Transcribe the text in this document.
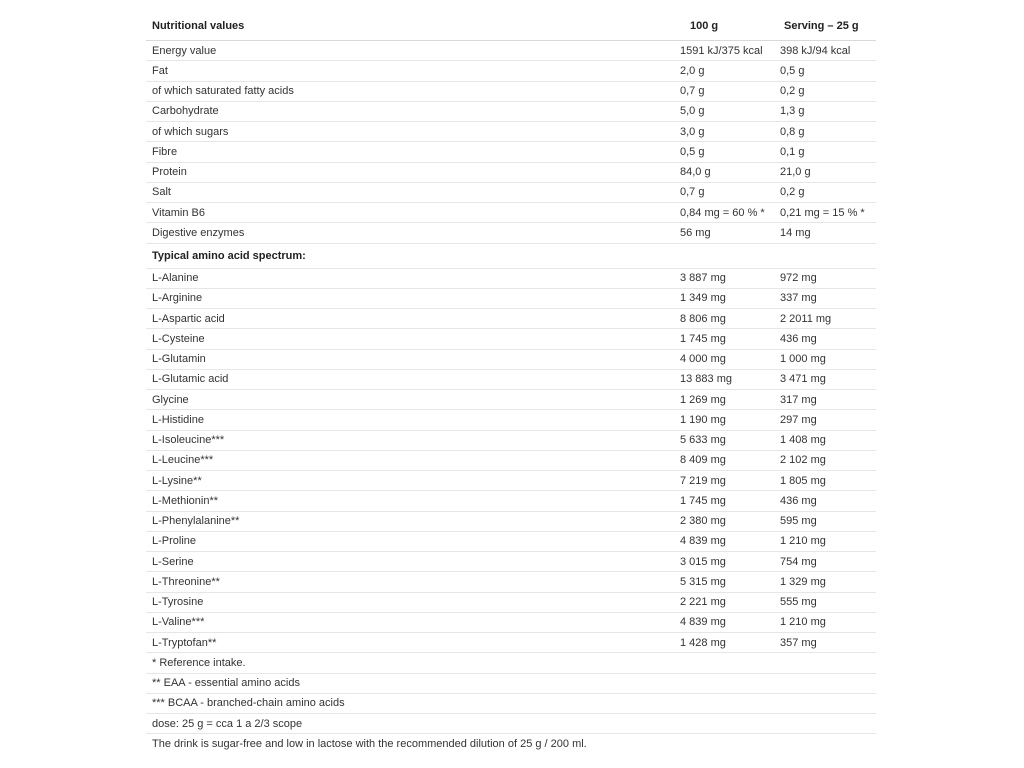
Nutritional values	100 g	Serving – 25 g
Energy value	1591 kJ/375 kcal	398 kJ/94 kcal
Fat	2,0 g	0,5 g
of which saturated fatty acids	0,7 g	0,2 g
Carbohydrate	5,0 g	1,3 g
of which sugars	3,0 g	0,8 g
Fibre	0,5 g	0,1 g
Protein	84,0 g	21,0 g
Salt	0,7 g	0,2 g
Vitamin B6	0,84 mg = 60 % *	0,21 mg = 15 % *
Digestive enzymes	56 mg	14 mg
Typical amino acid spectrum:
L-Alanine	3 887 mg	972 mg
L-Arginine	1 349 mg	337 mg
L-Aspartic acid	8 806 mg	2 2011 mg
L-Cysteine	1 745 mg	436 mg
L-Glutamin	4 000 mg	1 000 mg
L-Glutamic acid	13 883 mg	3 471 mg
Glycine	1 269 mg	317 mg
L-Histidine	1 190 mg	297 mg
L-Isoleucine***	5 633 mg	1 408 mg
L-Leucine***	8 409 mg	2 102 mg
L-Lysine**	7 219 mg	1 805 mg
L-Methionin**	1 745 mg	436 mg
L-Phenylalanine**	2 380 mg	595 mg
L-Proline	4 839 mg	1 210 mg
L-Serine	3 015 mg	754 mg
L-Threonine**	5 315 mg	1 329 mg
L-Tyrosine	2 221 mg	555 mg
L-Valine***	4 839 mg	1 210 mg
L-Tryptofan**	1 428 mg	357 mg
* Reference intake.
** EAA - essential amino acids
*** BCAA - branched-chain amino acids
dose: 25 g = cca 1 a 2/3 scope
The drink is sugar-free and low in lactose with the recommended dilution of 25 g / 200 ml.
